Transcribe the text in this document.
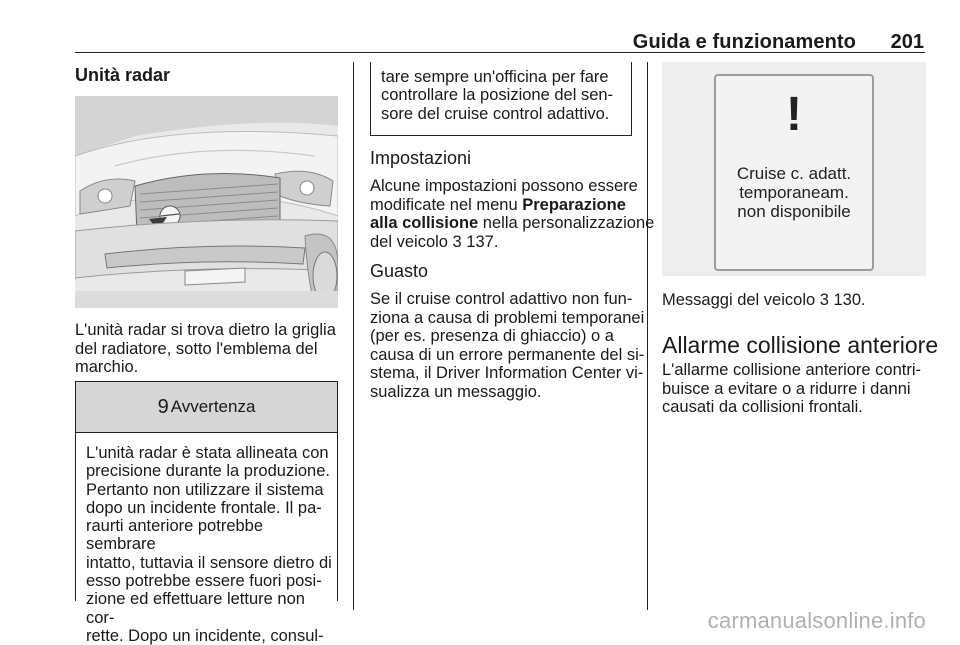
Guida e funzionamento 201
Unità radar
L'unità radar si trova dietro la griglia
del radiatore, sotto l'emblema del
marchio.
9 Avvertenza
L'unità radar è stata allineata con
precisione durante la produzione.
Pertanto non utilizzare il sistema
dopo un incidente frontale. Il pa-
raurti anteriore potrebbe sembrare
intatto, tuttavia il sensore dietro di
esso potrebbe essere fuori posi-
zione ed effettuare letture non cor-
rette. Dopo un incidente, consul-
tare sempre un'officina per fare
controllare la posizione del sen-
sore del cruise control adattivo.
Impostazioni
Alcune impostazioni possono essere
modificate nel menu Preparazione
alla collisione nella personalizzazione
del veicolo 3 137.
Guasto
Se il cruise control adattivo non fun-
ziona a causa di problemi temporanei
(per es. presenza di ghiaccio) o a
causa di un errore permanente del si-
stema, il Driver Information Center vi-
sualizza un messaggio.
!
Cruise c. adatt.
temporaneam.
non disponibile
Messaggi del veicolo 3 130.
Allarme collisione anteriore
L'allarme collisione anteriore contri-
buisce a evitare o a ridurre i danni
causati da collisioni frontali.
carmanualsonline.info
